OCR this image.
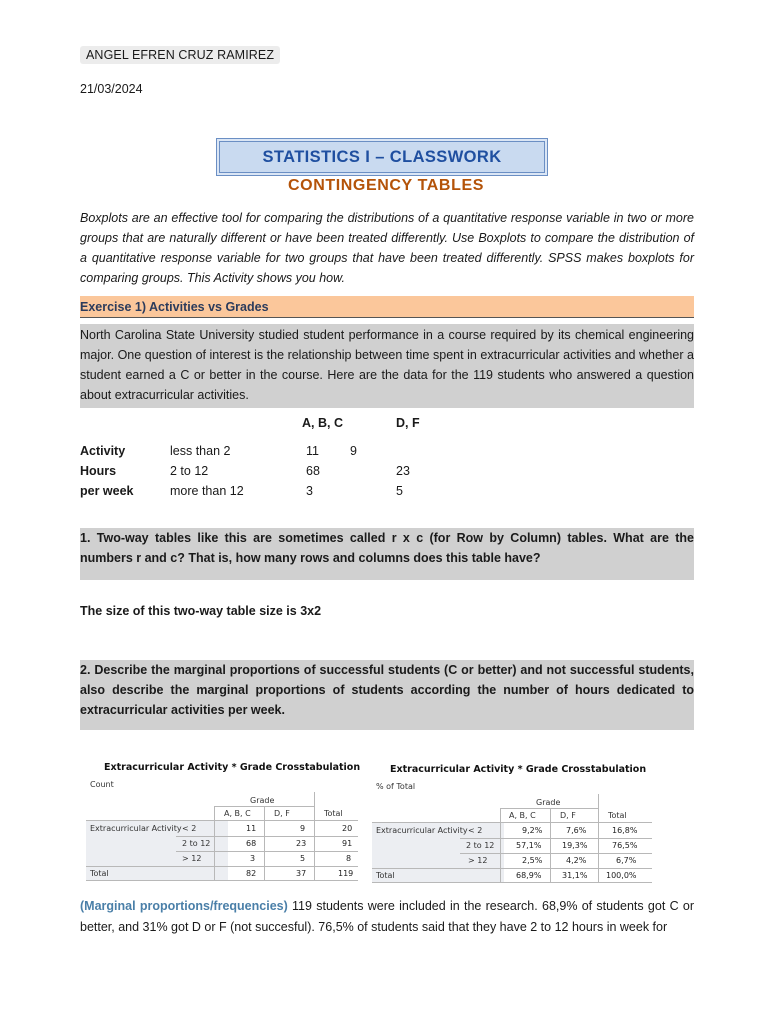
ANGEL EFREN CRUZ RAMIREZ
21/03/2024
STATISTICS I – CLASSWORK
CONTINGENCY TABLES
Boxplots are an effective tool for comparing the distributions of a quantitative response variable in two or more groups that are naturally different or have been treated differently. Use Boxplots to compare the distribution of a quantitative response variable for two groups that have been treated differently. SPSS makes boxplots for comparing groups. This Activity shows you how.
Exercise 1) Activities vs Grades
North Carolina State University studied student performance in a course required by its chemical engineering major. One question of interest is the relationship between time spent in extracurricular activities and whether a student earned a C or better in the course. Here are the data for the 119 students who answered a question about extracurricular activities.
A, B, C	D, F
Activity
Hours
per week
less than 2	11 9
2 to 12	68	23
more than 12	3	5
1. Two-way tables like this are sometimes called r x c (for Row by Column) tables. What are the numbers r and c? That is, how many rows and columns does this table have?
The size of this two-way table size is 3x2
2. Describe the marginal proportions of successful students (C or better) and not successful students, also describe the marginal proportions of students according the number of hours dedicated to extracurricular activities per week.
Extracurricular Activity * Grade Crosstabulation
Count
Grade
A, B, C	D, F	Total
Extracurricular Activity < 2	11	9	20
2 to 12	68	23	91
> 12	3	5	8
Total	82	37	119
Extracurricular Activity * Grade Crosstabulation
% of Total
Grade
A, B, C	D, F	Total
Extracurricular Activity < 2	9,2%	7,6%	16,8%
2 to 12	57,1%	19,3%	76,5%
> 12	2,5%	4,2%	6,7%
Total	68,9%	31,1% 100,0%
(Marginal proportions/frequencies) 119 students were included in the research. 68,9% of students got C or better, and 31% got D or F (not succesful). 76,5% of students said that they have 2 to 12 hours in week for
